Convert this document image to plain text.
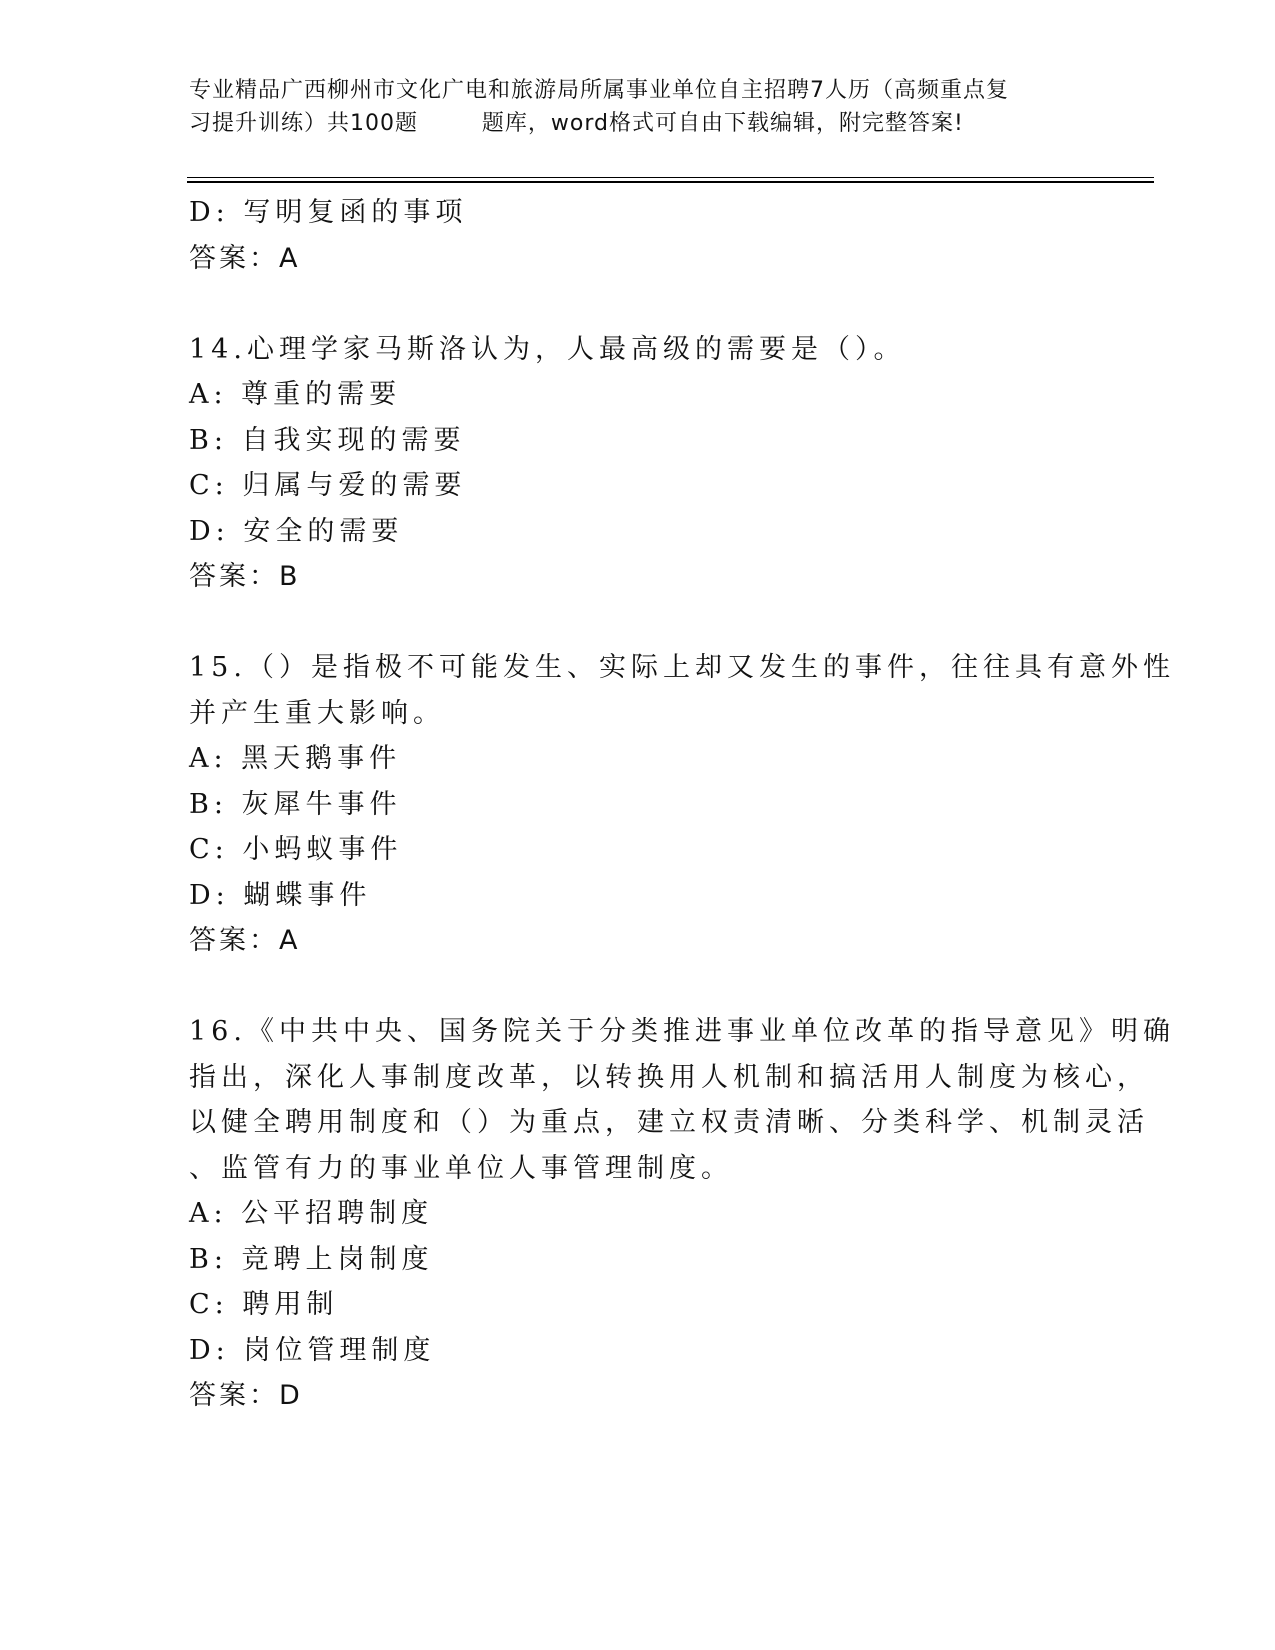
专业精品广西柳州市文化广电和旅游局所属事业单位自主招聘7人历（高频重点复
习提升训练）共100题        题库，word格式可自由下载编辑，附完整答案!
D: 写明复函的事项
答案：A
14.心理学家马斯洛认为，人最高级的需要是（）。
A: 尊重的需要
B: 自我实现的需要
C: 归属与爱的需要
D: 安全的需要
答案：B
15.（）是指极不可能发生、实际上却又发生的事件，往往具有意外性
并产生重大影响。
A: 黑天鹅事件
B: 灰犀牛事件
C: 小蚂蚁事件
D: 蝴蝶事件
答案：A
16.《中共中央、国务院关于分类推进事业单位改革的指导意见》明确
指出，深化人事制度改革，以转换用人机制和搞活用人制度为核心，
以健全聘用制度和（）为重点，建立权责清晰、分类科学、机制灵活
、监管有力的事业单位人事管理制度。
A: 公平招聘制度
B: 竞聘上岗制度
C: 聘用制
D: 岗位管理制度
答案：D
